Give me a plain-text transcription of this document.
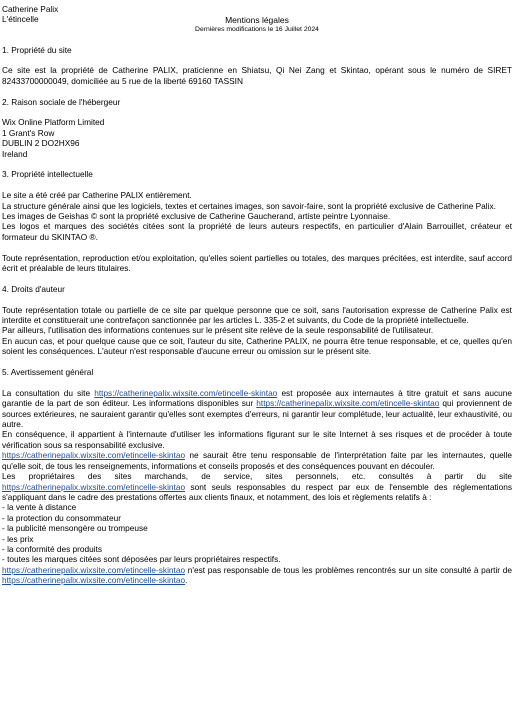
Catherine Palix
L'étincelle	Mentions légales
Dernières modifications le 16 Juillet 2024
1. Propriété du site

Ce site est la propriété de Catherine PALIX, praticienne en Shiatsu, Qi Nei Zang et Skintao, opérant sous le numéro de SIRET 82433700000049, domiciliée au 5 rue de la liberté 69160 TASSIN

2. Raison sociale de l'hébergeur
Wix Online Platform Limited
1 Grant's Row
DUBLIN 2 DO2HX96
Ireland
3. Propriété intellectuelle

Le site a été créé par Catherine PALIX entièrement.

La structure générale ainsi que les logiciels, textes et certaines images, son savoir-faire, sont la propriété exclusive de Catherine Palix.

Les images de Geishas © sont la propriété exclusive de Catherine Gaucherand, artiste peintre Lyonnaise.

Les logos et marques des sociétés citées sont la propriété de leurs auteurs respectifs, en particulier d'Alain Barrouillet, créateur et formateur du SKINTAO ®.

Toute représentation, reproduction et/ou exploitation, qu'elles soient partielles ou totales, des marques précitées, est interdite, sauf accord écrit et préalable de leurs titulaires.

4. Droits d'auteur

Toute représentation totale ou partielle de ce site par quelque personne que ce soit, sans l'autorisation expresse de Catherine Palix est interdite et constituerait une contrefaçon sanctionnée par les articles L. 335-2 et suivants, du Code de la propriété intellectuelle.

Par ailleurs, l'utilisation des informations contenues sur le présent site relève de la seule responsabilité de l'utilisateur.

En aucun cas, et pour quelque cause que ce soit, l'auteur du site, Catherine PALIX, ne pourra être tenue responsable, et ce, quelles qu'en soient les conséquences. L'auteur n'est responsable d'aucune erreur ou omission sur le présent site.

5. Avertissement général

La consultation du site https://catherinepalix.wixsite.com/etincelle-skintao est proposée aux internautes à titre gratuit et sans aucune garantie de la part de son éditeur. Les informations disponibles sur https://catherinepalix.wixsite.com/etincelle-skintao qui proviennent de sources extérieures, ne sauraient garantir qu'elles sont exemptes d'erreurs, ni garantir leur complétude, leur actualité, leur exhaustivité, ou autre.

En conséquence, il appartient à l'internaute d'utiliser les informations figurant sur le site Internet à ses risques et de procéder à toute vérification sous sa responsabilité exclusive.

https://catherinepalix.wixsite.com/etincelle-skintao ne saurait être tenu responsable de l'interprétation faite par les internautes, quelle qu'elle soit, de tous les renseignements, informations et conseils proposés et des conséquences pouvant en découler.

Les propriétaires des sites marchands, de service, sites personnels, etc. consultés à partir du site https://catherinepalix.wixsite.com/etincelle-skintao sont seuls responsables du respect par eux de l'ensemble des réglementations s'appliquant dans le cadre des prestations offertes aux clients finaux, et notamment, des lois et règlements relatifs à :

- la vente à distance
- la protection du consommateur
- la publicité mensongère ou trompeuse
- les prix
- la conformité des produits
- toutes les marques citées sont déposées par leurs propriétaires respectifs.

https://catherinepalix.wixsite.com/etincelle-skintao n'est pas responsable de tous les problèmes rencontrés sur un site consulté à partir de https://catherinepalix.wixsite.com/etincelle-skintao.
